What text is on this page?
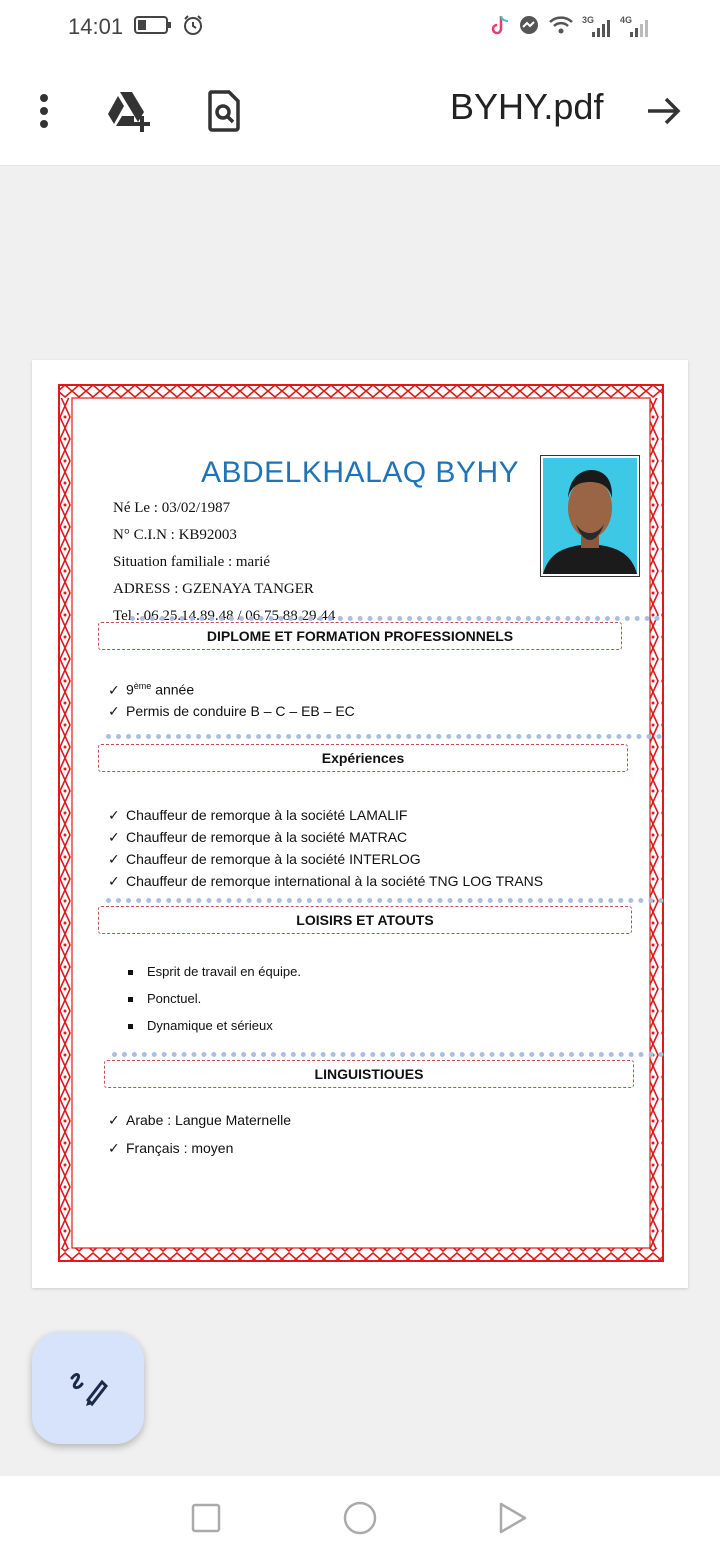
14:01	3G	4G
BYHY.pdf
ABDELKHALAQ BYHY
Né Le : 03/02/1987
N° C.I.N : KB92003
Situation familiale : marié
ADRESS : GZENAYA TANGER
Tel : 06.25.14.89.48 / 06.75.88.29.44
DIPLOME ET FORMATION PROFESSIONNELS
✓ 9ème année
✓ Permis de conduire B – C – EB – EC
Expériences
✓ Chauffeur de remorque à la société LAMALIF
✓ Chauffeur de remorque à la société MATRAC
✓ Chauffeur de remorque à la société INTERLOG
✓ Chauffeur de remorque international à la société TNG LOG TRANS
LOISIRS ET ATOUTS
Esprit de travail en équipe.
Ponctuel.
Dynamique et sérieux
LINGUISTIOUES
✓ Arabe : Langue Maternelle
✓ Français : moyen
